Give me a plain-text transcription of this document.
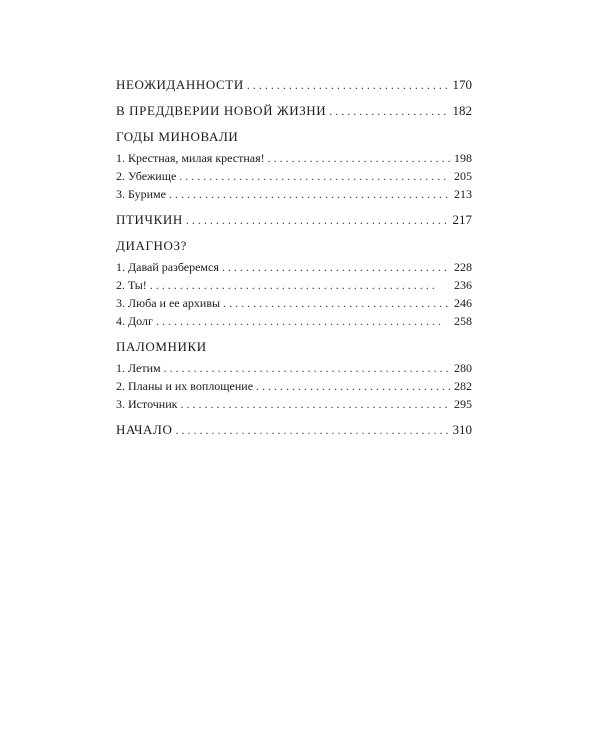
НЕОЖИДАННОСТИ . . .	170
В ПРЕДДВЕРИИ НОВОЙ ЖИЗНИ . . .	182
ГОДЫ МИНОВАЛИ
1. Крестная, милая крестная! . . .	198
2. Убежище . . .	205
3. Буриме . . .	213
ПТИЧКИН . . .	217
ДИАГНОЗ?
1. Давай разберемся . . .	228
2. Ты! . . .	236
3. Люба и ее архивы . . .	246
4. Долг . . .	258
ПАЛОМНИКИ
1. Летим . . .	280
2. Планы и их воплощение . . .	282
3. Источник . . .	295
НАЧАЛО . . .	310
